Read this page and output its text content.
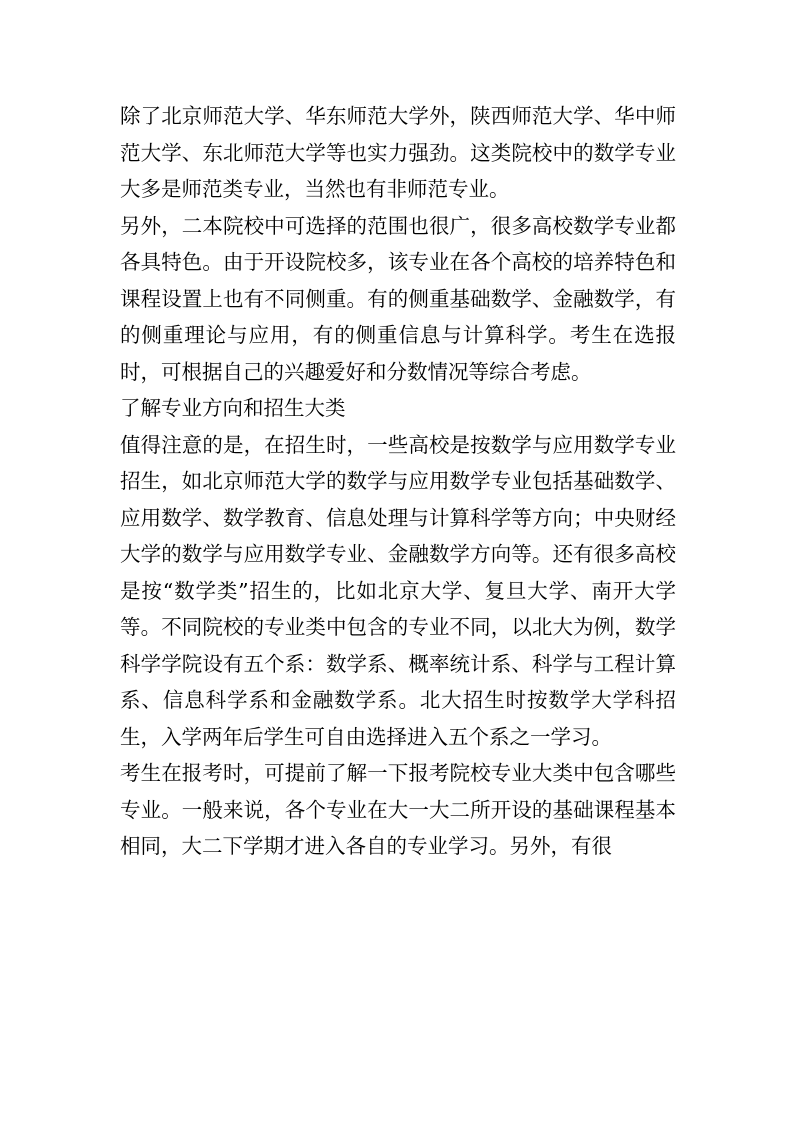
除了北京师范大学、华东师范大学外，陕西师范大学、华中师范大学、东北师范大学等也实力强劲。这类院校中的数学专业大多是师范类专业，当然也有非师范专业。

另外，二本院校中可选择的范围也很广，很多高校数学专业都各具特色。由于开设院校多，该专业在各个高校的培养特色和课程设置上也有不同侧重。有的侧重基础数学、金融数学，有的侧重理论与应用，有的侧重信息与计算科学。考生在选报时，可根据自己的兴趣爱好和分数情况等综合考虑。

了解专业方向和招生大类

值得注意的是，在招生时，一些高校是按数学与应用数学专业招生，如北京师范大学的数学与应用数学专业包括基础数学、应用数学、数学教育、信息处理与计算科学等方向；中央财经大学的数学与应用数学专业、金融数学方向等。还有很多高校是按“数学类”招生的，比如北京大学、复旦大学、南开大学等。不同院校的专业类中包含的专业不同，以北大为例，数学科学学院设有五个系：数学系、概率统计系、科学与工程计算系、信息科学系和金融数学系。北大招生时按数学大学科招生，入学两年后学生可自由选择进入五个系之一学习。

考生在报考时，可提前了解一下报考院校专业大类中包含哪些专业。一般来说，各个专业在大一大二所开设的基础课程基本相同，大二下学期才进入各自的专业学习。另外，有很
